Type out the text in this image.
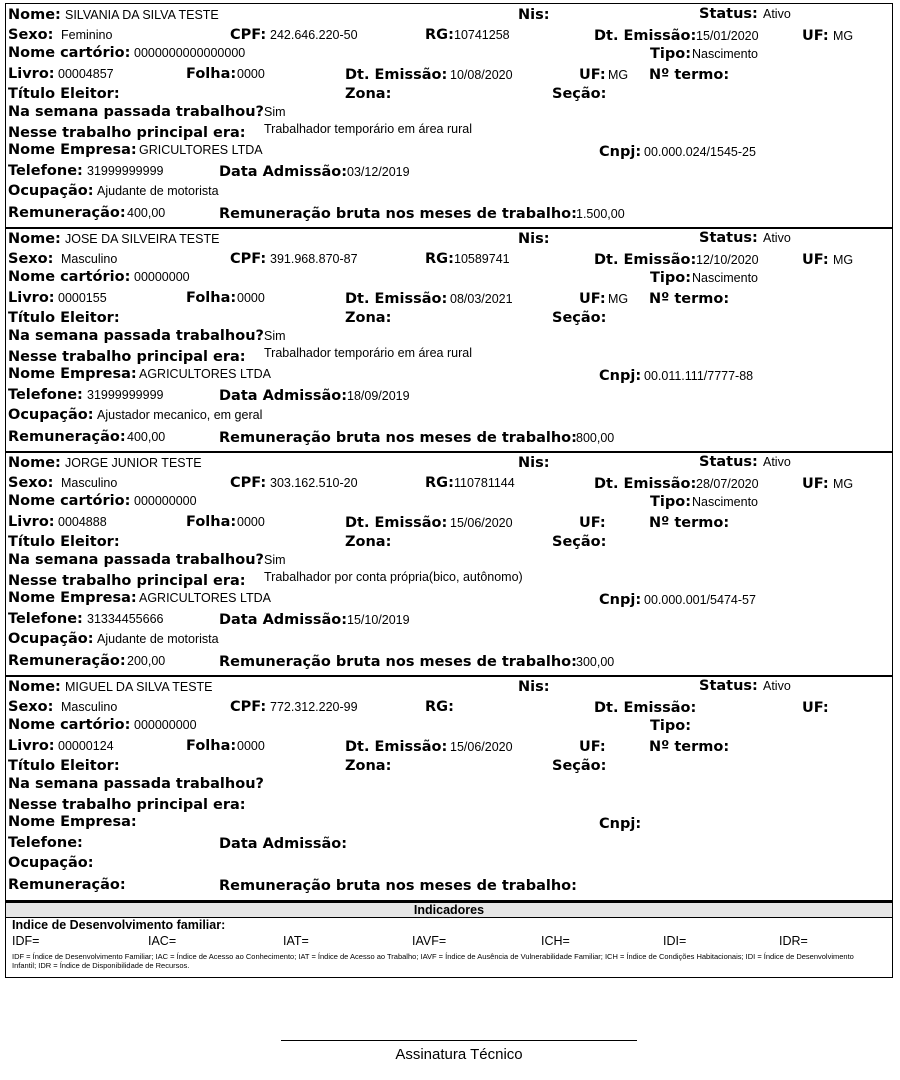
Nome: SILVANIA DA SILVA TESTE	Nis:	Status: Ativo
Sexo: Feminino	CPF: 242.646.220-50	RG: 10741258	Dt. Emissão: 15/01/2020	UF: MG
Nome cartório: 0000000000000000	Tipo: Nascimento
Livro: 00004857	Folha: 0000	Dt. Emissão: 10/08/2020	UF: MG Nº termo:
Título Eleitor:	Zona:	Seção:
Na semana passada trabalhou? Sim
Nesse trabalho principal era: Trabalhador temporário em área rural
Nome Empresa: GRICULTORES LTDA	Cnpj: 00.000.024/1545-25
Telefone: 31999999999	Data Admissão: 03/12/2019
Ocupação: Ajudante de motorista
Remuneração: 400,00	Remuneração bruta nos meses de trabalho: 1.500,00
Nome: JOSE DA SILVEIRA TESTE	Nis:	Status: Ativo
Sexo: Masculino	CPF: 391.968.870-87	RG: 10589741	Dt. Emissão: 12/10/2020	UF: MG
Nome cartório: 00000000	Tipo: Nascimento
Livro: 0000155	Folha: 0000	Dt. Emissão: 08/03/2021	UF: MG Nº termo:
Título Eleitor:	Zona:	Seção:
Na semana passada trabalhou? Sim
Nesse trabalho principal era: Trabalhador temporário em área rural
Nome Empresa: AGRICULTORES LTDA	Cnpj: 00.011.111/7777-88
Telefone: 31999999999	Data Admissão: 18/09/2019
Ocupação: Ajustador mecanico, em geral
Remuneração: 400,00	Remuneração bruta nos meses de trabalho: 800,00
Nome: JORGE JUNIOR TESTE	Nis:	Status: Ativo
Sexo: Masculino	CPF: 303.162.510-20	RG: 110781144	Dt. Emissão: 28/07/2020	UF: MG
Nome cartório: 000000000	Tipo: Nascimento
Livro: 0004888	Folha: 0000	Dt. Emissão: 15/06/2020	UF:	Nº termo:
Título Eleitor:	Zona:	Seção:
Na semana passada trabalhou? Sim
Nesse trabalho principal era: Trabalhador por conta própria(bico, autônomo)
Nome Empresa: AGRICULTORES LTDA	Cnpj: 00.000.001/5474-57
Telefone: 31334455666	Data Admissão: 15/10/2019
Ocupação: Ajudante de motorista
Remuneração: 200,00	Remuneração bruta nos meses de trabalho: 300,00
Nome: MIGUEL DA SILVA TESTE	Nis:	Status: Ativo
Sexo: Masculino	CPF: 772.312.220-99	RG:	Dt. Emissão:	UF:
Nome cartório: 000000000	Tipo:
Livro: 00000124	Folha: 0000	Dt. Emissão: 15/06/2020	UF:	Nº termo:
Título Eleitor:	Zona:	Seção:
Na semana passada trabalhou?
Nesse trabalho principal era:
Nome Empresa:	Cnpj:
Telefone:	Data Admissão:
Ocupação:
Remuneração:	Remuneração bruta nos meses de trabalho:
Indicadores
Indice de Desenvolvimento familiar:
IDF=	IAC=	IAT=	IAVF=	ICH=	IDI=	IDR=
IDF = Índice de Desenvolvimento Familiar; IAC = Índice de Acesso ao Conhecimento; IAT = Índice de Acesso ao Trabalho; IAVF = Índice de Ausência de Vulnerabilidade Familiar; ICH = Índice de Condições Habitacionais; IDI = Índice de Desenvolvimento Infantil; IDR = Índice de Disponibilidade de Recursos.
Assinatura Técnico
